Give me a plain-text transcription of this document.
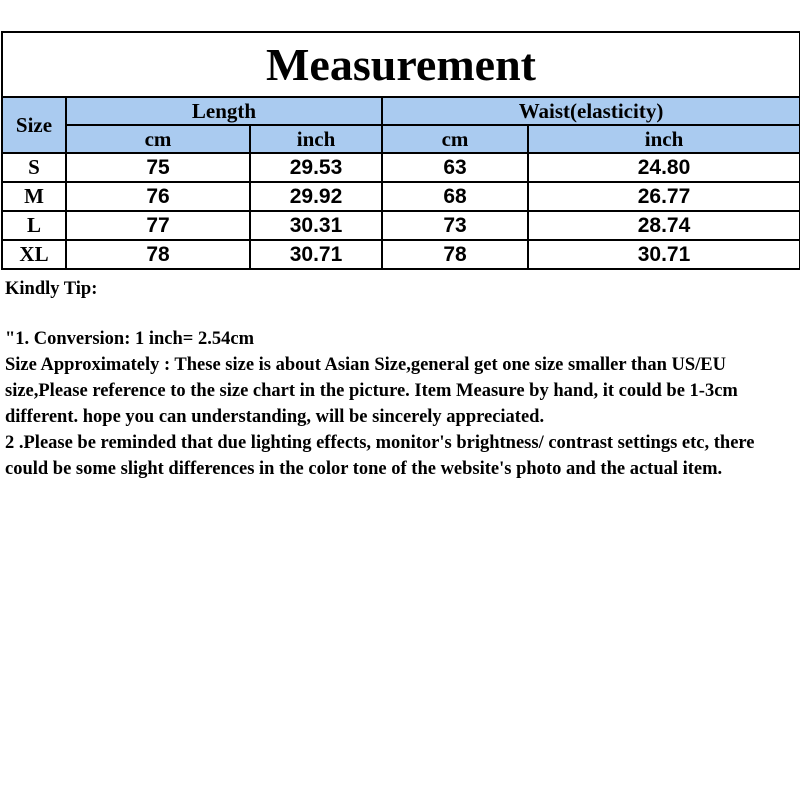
Measurement				
Size	Length		Waist(elasticity)	
	cm	inch	cm	inch
S	75	29.53	63	24.80
M	76	29.92	68	26.77
L	77	30.31	73	28.74
XL	78	30.71	78	30.71

Kindly Tip:

"1. Conversion: 1 inch= 2.54cm

Size Approximately : These size is about Asian Size,general get one size smaller than US/EU size,Please reference to the size chart in the picture. Item Measure by hand, it could be 1-3cm different. hope you can understanding, will be sincerely appreciated.

2 .Please be reminded that due lighting effects, monitor's brightness/ contrast settings etc, there could be some slight differences in the color tone of the website's photo and the actual item.
